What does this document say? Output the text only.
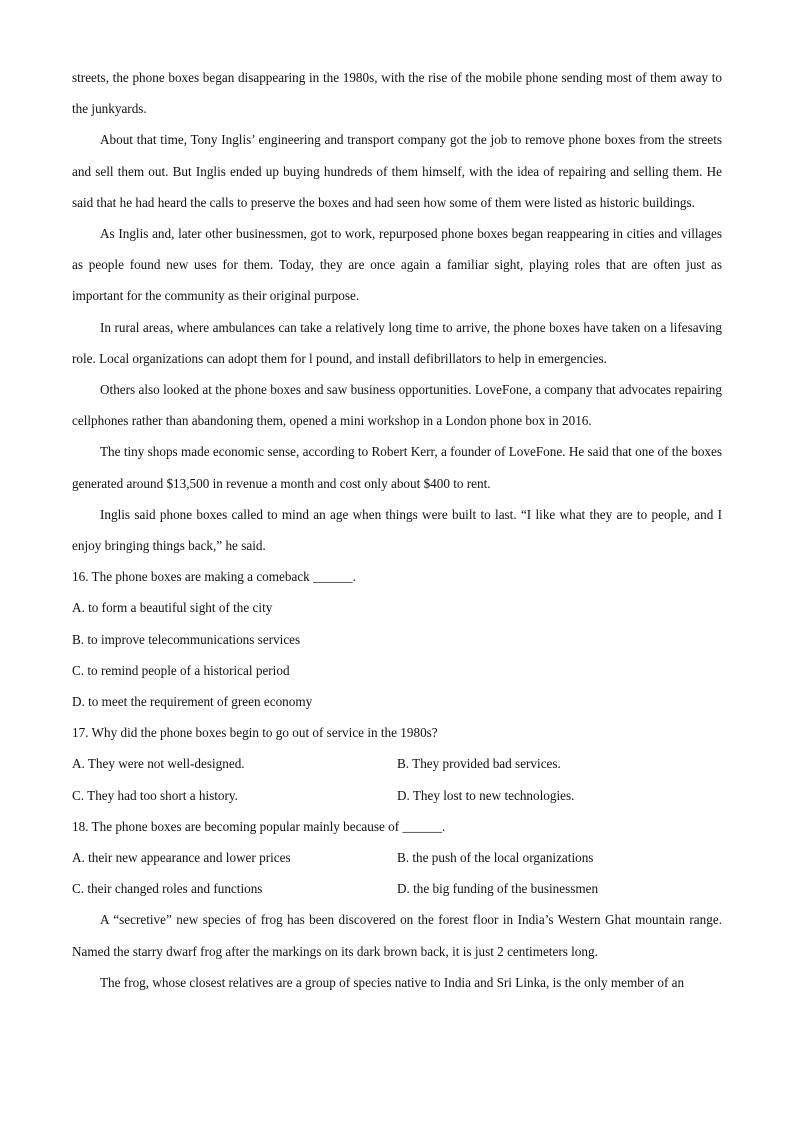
streets, the phone boxes began disappearing in the 1980s, with the rise of the mobile phone sending most of them away to the junkyards.

About that time, Tony Inglis’ engineering and transport company got the job to remove phone boxes from the streets and sell them out. But Inglis ended up buying hundreds of them himself, with the idea of repairing and selling them. He said that he had heard the calls to preserve the boxes and had seen how some of them were listed as historic buildings.

As Inglis and, later other businessmen, got to work, repurposed phone boxes began reappearing in cities and villages as people found new uses for them. Today, they are once again a familiar sight, playing roles that are often just as important for the community as their original purpose.

In rural areas, where ambulances can take a relatively long time to arrive, the phone boxes have taken on a lifesaving role. Local organizations can adopt them for l pound, and install defibrillators to help in emergencies.

Others also looked at the phone boxes and saw business opportunities. LoveFone, a company that advocates repairing cellphones rather than abandoning them, opened a mini workshop in a London phone box in 2016.

The tiny shops made economic sense, according to Robert Kerr, a founder of LoveFone. He said that one of the boxes generated around $13,500 in revenue a month and cost only about $400 to rent.

Inglis said phone boxes called to mind an age when things were built to last. “I like what they are to people, and I enjoy bringing things back,” he said.

16. The phone boxes are making a comeback ______.

A. to form a beautiful sight of the city

B. to improve telecommunications services

C. to remind people of a historical period

D. to meet the requirement of green economy

17. Why did the phone boxes begin to go out of service in the 1980s?

A. They were not well-designed.	B. They provided bad services.
C. They had too short a history.	D. They lost to new technologies.

18. The phone boxes are becoming popular mainly because of ______.

A. their new appearance and lower prices	B. the push of the local organizations
C. their changed roles and functions	D. the big funding of the businessmen

A “secretive” new species of frog has been discovered on the forest floor in India’s Western Ghat mountain range. Named the starry dwarf frog after the markings on its dark brown back, it is just 2 centimeters long.

The frog, whose closest relatives are a group of species native to India and Sri Linka, is the only member of an
